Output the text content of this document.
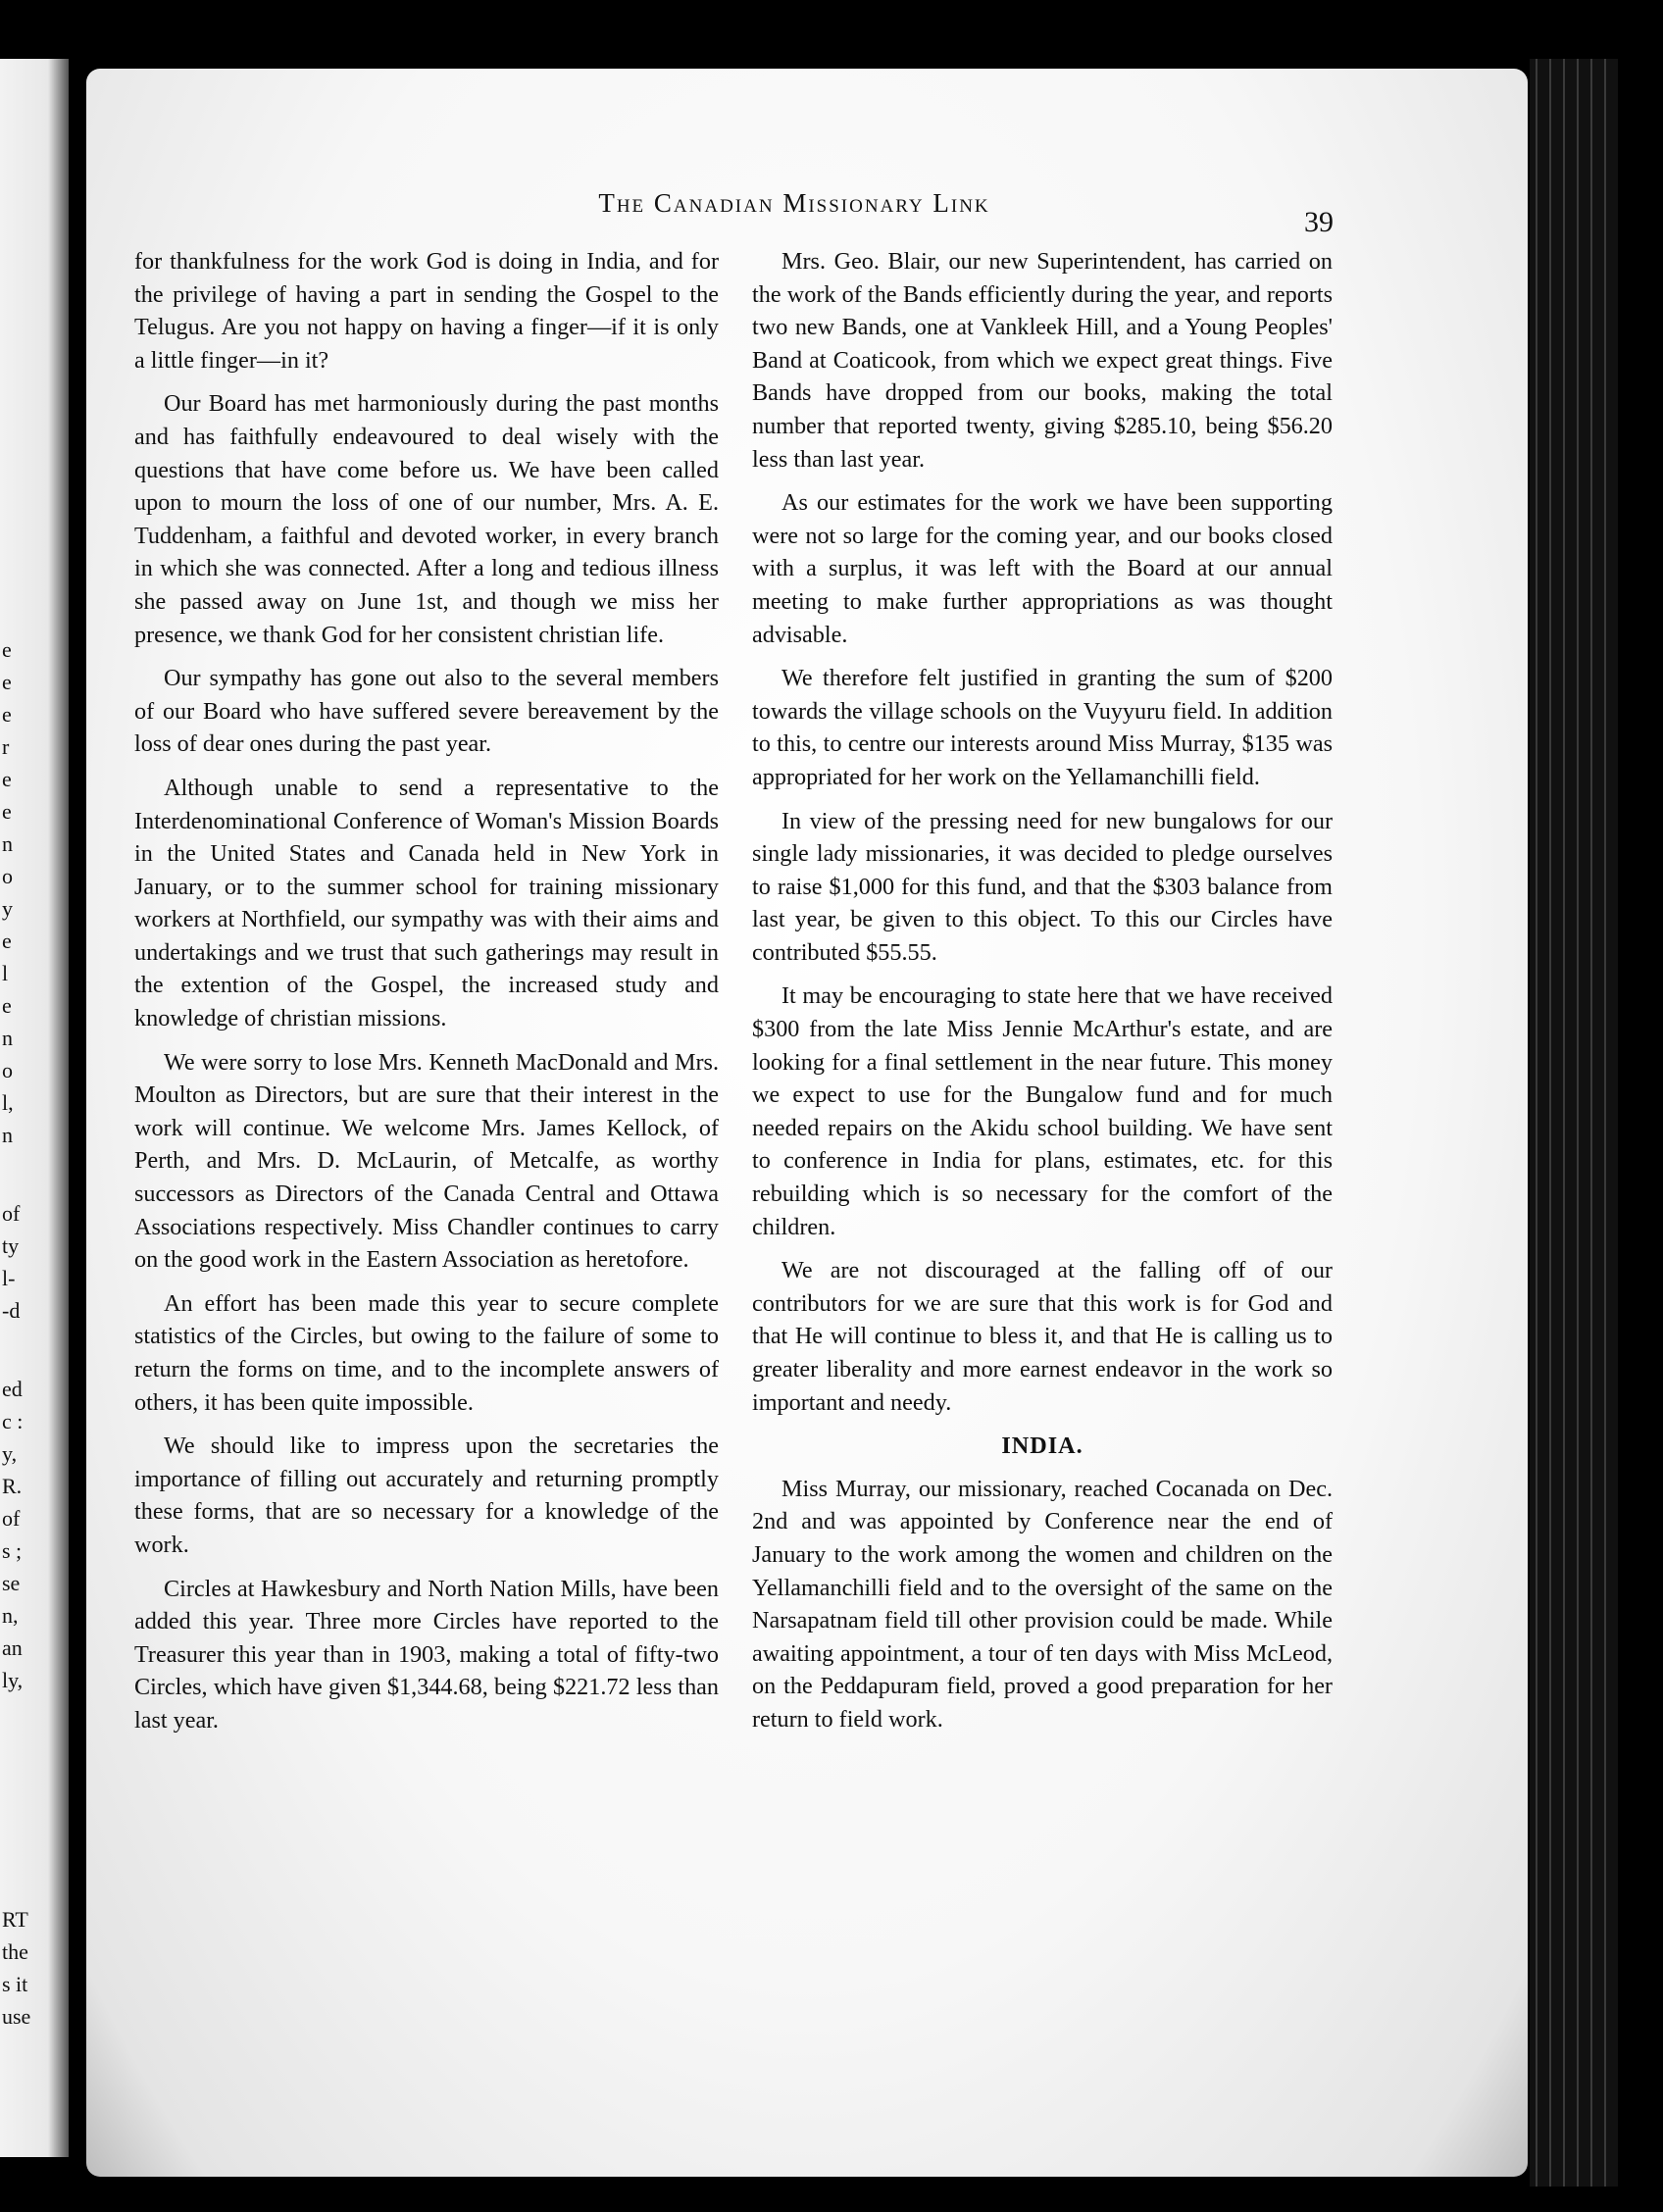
e
e
e
r
e
e
n
o
y
e
l
e
n
o
l,
n
of
ty
l-
-d
ed
c :
y,
R.
of
s ;
se
n,
an
ly,
RT
the
s it
use
The Canadian Missionary Link
39

for thankfulness for the work God is doing in India, and for the privilege of having a part in sending the Gospel to the Telugus. Are you not happy on having a finger—if it is only a little finger—in it?

Our Board has met harmoniously during the past months and has faithfully endeavoured to deal wisely with the questions that have come before us. We have been called upon to mourn the loss of one of our number, Mrs. A. E. Tuddenham, a faithful and devoted worker, in every branch in which she was connected. After a long and tedious illness she passed away on June 1st, and though we miss her presence, we thank God for her consistent christian life.

Our sympathy has gone out also to the several members of our Board who have suffered severe bereavement by the loss of dear ones during the past year.

Although unable to send a representative to the Interdenominational Conference of Woman's Mission Boards in the United States and Canada held in New York in January, or to the summer school for training missionary workers at Northfield, our sympathy was with their aims and undertakings and we trust that such gatherings may result in the extention of the Gospel, the increased study and knowledge of christian missions.

We were sorry to lose Mrs. Kenneth MacDonald and Mrs. Moulton as Directors, but are sure that their interest in the work will continue. We welcome Mrs. James Kellock, of Perth, and Mrs. D. McLaurin, of Metcalfe, as worthy successors as Directors of the Canada Central and Ottawa Associations respectively. Miss Chandler continues to carry on the good work in the Eastern Association as heretofore.

An effort has been made this year to secure complete statistics of the Circles, but owing to the failure of some to return the forms on time, and to the incomplete answers of others, it has been quite impossible.

We should like to impress upon the secretaries the importance of filling out accurately and returning promptly these forms, that are so necessary for a knowledge of the work.

Circles at Hawkesbury and North Nation Mills, have been added this year. Three more Circles have reported to the Treasurer this year than in 1903, making a total of fifty-two Circles, which have given $1,344.68, being $221.72 less than last year.

Mrs. Geo. Blair, our new Superintendent, has carried on the work of the Bands efficiently during the year, and reports two new Bands, one at Vankleek Hill, and a Young Peoples' Band at Coaticook, from which we expect great things. Five Bands have dropped from our books, making the total number that reported twenty, giving $285.10, being $56.20 less than last year.

As our estimates for the work we have been supporting were not so large for the coming year, and our books closed with a surplus, it was left with the Board at our annual meeting to make further appropriations as was thought advisable.

We therefore felt justified in granting the sum of $200 towards the village schools on the Vuyyuru field. In addition to this, to centre our interests around Miss Murray, $135 was appropriated for her work on the Yellamanchilli field.

In view of the pressing need for new bungalows for our single lady missionaries, it was decided to pledge ourselves to raise $1,000 for this fund, and that the $303 balance from last year, be given to this object. To this our Circles have contributed $55.55.

It may be encouraging to state here that we have received $300 from the late Miss Jennie McArthur's estate, and are looking for a final settlement in the near future. This money we expect to use for the Bungalow fund and for much needed repairs on the Akidu school building. We have sent to conference in India for plans, estimates, etc. for this rebuilding which is so necessary for the comfort of the children.

We are not discouraged at the falling off of our contributors for we are sure that this work is for God and that He will continue to bless it, and that He is calling us to greater liberality and more earnest endeavor in the work so important and needy.

INDIA.

Miss Murray, our missionary, reached Cocanada on Dec. 2nd and was appointed by Conference near the end of January to the work among the women and children on the Yellamanchilli field and to the oversight of the same on the Narsapatnam field till other provision could be made. While awaiting appointment, a tour of ten days with Miss McLeod, on the Peddapuram field, proved a good preparation for her return to field work.
